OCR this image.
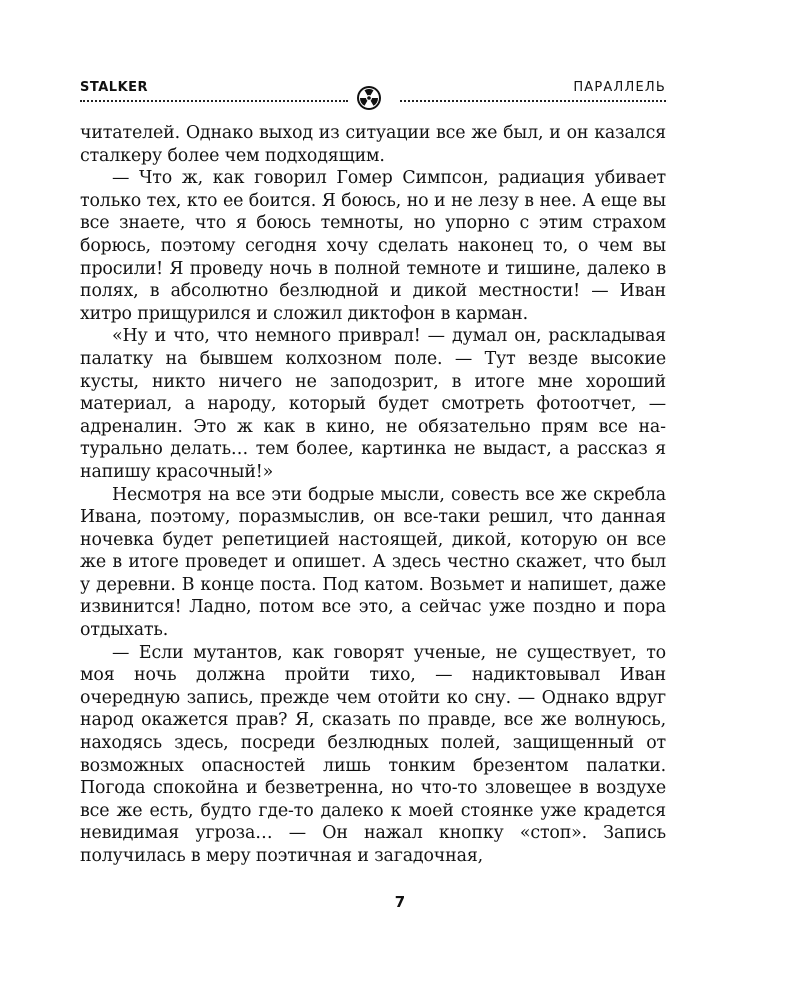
STALKER	ПАРАЛЛЕЛЬ

читателей. Однако выход из ситуации все же был, и он казался сталкеру более чем подходящим.

— Что ж, как говорил Гомер Симпсон, радиация убивает только тех, кто ее боится. Я боюсь, но и не лезу в нее. А еще вы все знаете, что я боюсь темноты, но упорно с этим страхом борюсь, поэтому сегодня хочу сделать наконец то, о чем вы просили! Я проведу ночь в полной темноте и тишине, далеко в полях, в абсолютно безлюдной и дикой местности! — Иван хитро прищурился и сложил диктофон в карман.

«Ну и что, что немного приврал! — думал он, раскладывая палатку на бывшем колхозном поле. — Тут везде высокие кусты, никто ничего не заподозрит, в итоге мне хороший материал, а народу, который будет смотреть фотоотчет, — адреналин. Это ж как в кино, не обязательно прям все натурально делать… тем более, картинка не выдаст, а рассказ я напишу красочный!»

Несмотря на все эти бодрые мысли, совесть все же скребла Ивана, поэтому, поразмыслив, он все-таки решил, что данная ночевка будет репетицией настоящей, дикой, которую он все же в итоге проведет и опишет. А здесь честно скажет, что был у деревни. В конце поста. Под катом. Возьмет и напишет, даже извинится! Ладно, потом все это, а сейчас уже поздно и пора отдыхать.

— Если мутантов, как говорят ученые, не существует, то моя ночь должна пройти тихо, — надиктовывал Иван очередную запись, прежде чем отойти ко сну. — Однако вдруг народ окажется прав? Я, сказать по правде, все же волнуюсь, находясь здесь, посреди безлюдных полей, защищенный от возможных опасностей лишь тонким брезентом палатки. Погода спокойна и безветренна, но что-то зловещее в воздухе все же есть, будто где-то далеко к моей стоянке уже крадется невидимая угроза… — Он нажал кнопку «стоп». Запись получилась в меру поэтичная и загадочная,

7
